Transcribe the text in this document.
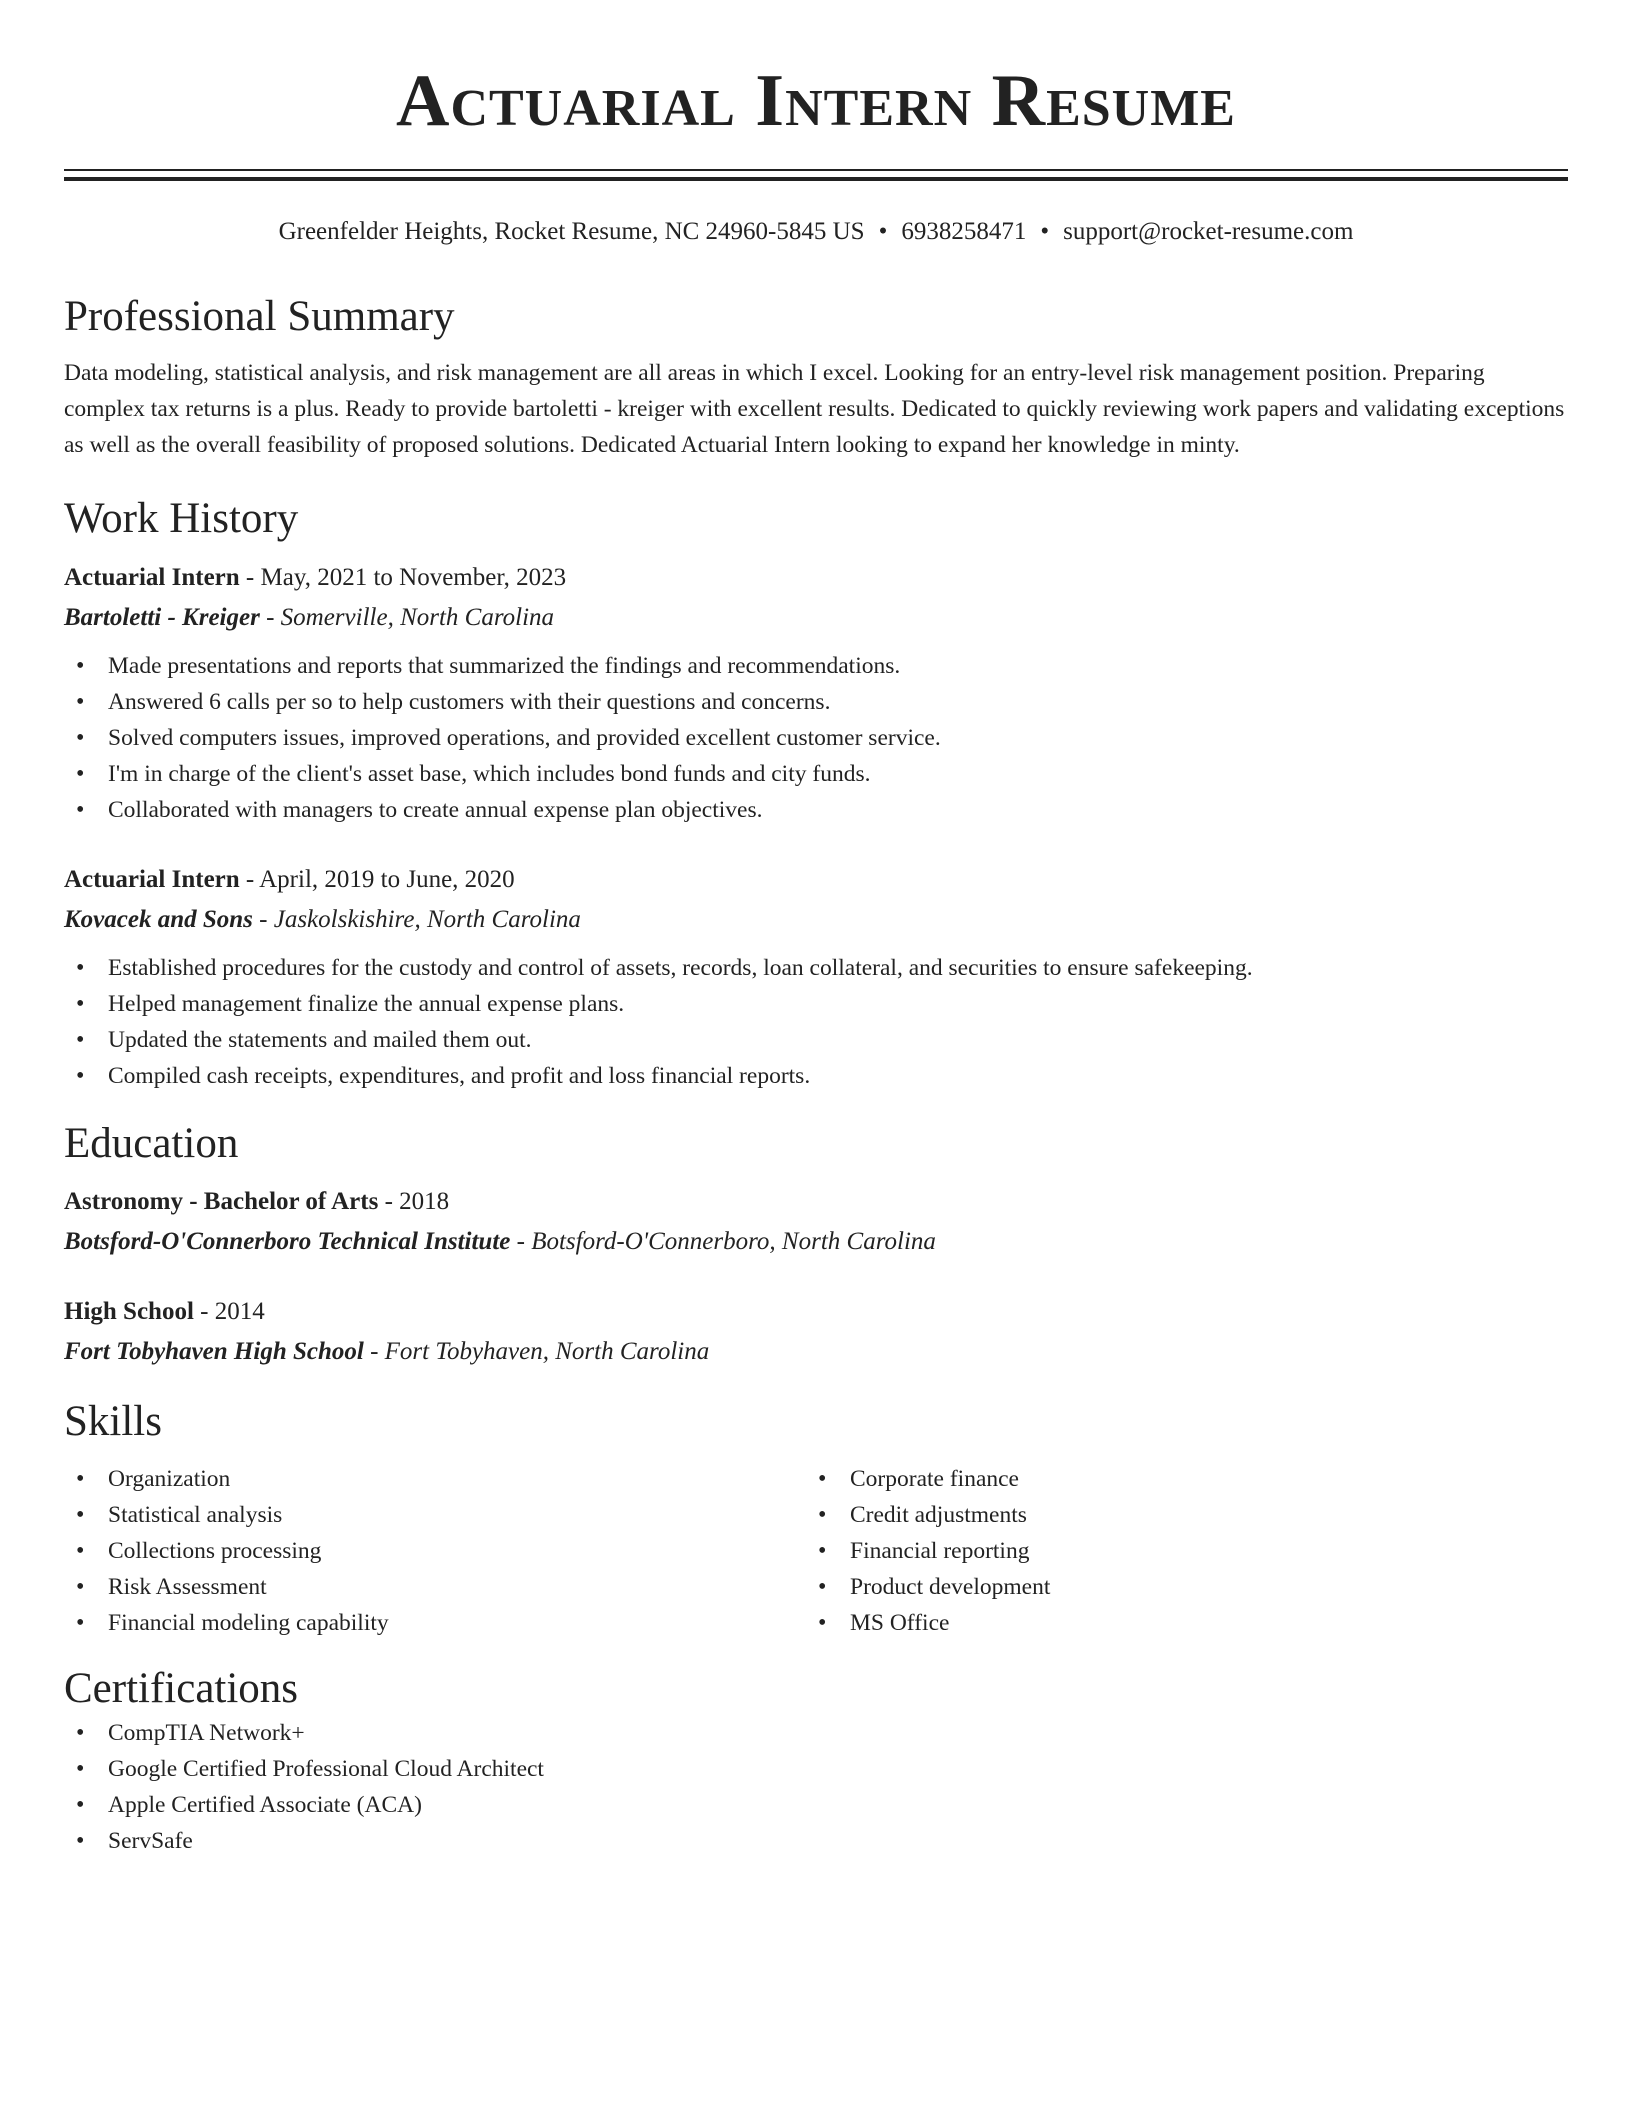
Actuarial Intern Resume
Greenfelder Heights, Rocket Resume, NC 24960-5845 US • 6938258471 • support@rocket-resume.com
Professional Summary
Data modeling, statistical analysis, and risk management are all areas in which I excel. Looking for an entry-level risk management position. Preparing complex tax returns is a plus. Ready to provide bartoletti - kreiger with excellent results. Dedicated to quickly reviewing work papers and validating exceptions as well as the overall feasibility of proposed solutions. Dedicated Actuarial Intern looking to expand her knowledge in minty.
Work History
Actuarial Intern - May, 2021 to November, 2023
Bartoletti - Kreiger - Somerville, North Carolina
• Made presentations and reports that summarized the findings and recommendations.
• Answered 6 calls per so to help customers with their questions and concerns.
• Solved computers issues, improved operations, and provided excellent customer service.
• I'm in charge of the client's asset base, which includes bond funds and city funds.
• Collaborated with managers to create annual expense plan objectives.
Actuarial Intern - April, 2019 to June, 2020
Kovacek and Sons - Jaskolskishire, North Carolina
• Established procedures for the custody and control of assets, records, loan collateral, and securities to ensure safekeeping.
• Helped management finalize the annual expense plans.
• Updated the statements and mailed them out.
• Compiled cash receipts, expenditures, and profit and loss financial reports.
Education
Astronomy - Bachelor of Arts - 2018
Botsford-O'Connerboro Technical Institute - Botsford-O'Connerboro, North Carolina
High School - 2014
Fort Tobyhaven High School - Fort Tobyhaven, North Carolina
Skills
• Organization
• Statistical analysis
• Collections processing
• Risk Assessment
• Financial modeling capability
• Corporate finance
• Credit adjustments
• Financial reporting
• Product development
• MS Office
Certifications
• CompTIA Network+
• Google Certified Professional Cloud Architect
• Apple Certified Associate (ACA)
• ServSafe
